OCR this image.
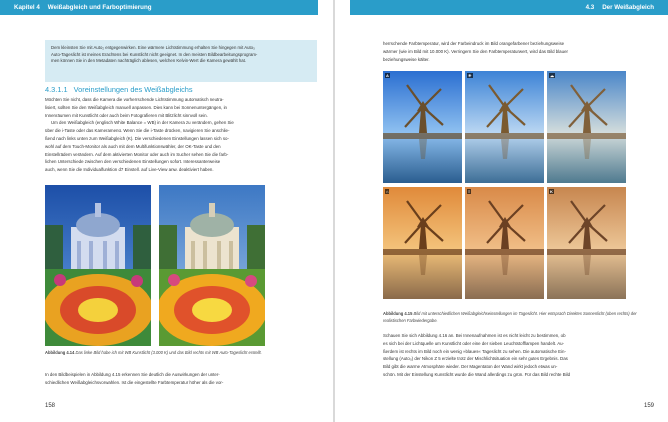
Kapitel 4 Weißabgleich und Farboptimierung

Dem kleinsten Sie mit Auto₂ entgegenwirken. Eine wärmere Lichtstimmung erhalten Sie hingegen mit Auto₃

Auto-Tageslicht ist meines Erachtens bei Kunstlicht nicht geeignet. In den meisten Bildbearbeitungsprogram-

men können Sie in den Metadaten nachträglich ablesen, welchen Kelvin-Wert die Kamera gewählt hat.

4.3.1.1 Voreinstellungen des Weißabgleichs

Möchten Sie nicht, dass die Kamera die vorherrschende Lichtstimmung automatisch neutra-

lisiert, sollten Sie den Weißabgleich manuell anpassen. Dies kann bei Sonnenuntergängen, in

Innenräumen mit Kunstlicht oder auch beim Fotografieren mit Blitzlicht sinnvoll sein.

Um den Weißabgleich (englisch White Balance = WB) in der Kamera zu verändern, gehen Sie

über die i-Taste oder das Kameramenü. Wenn Sie die i-Taste drücken, navigieren Sie anschlie-

ßend nach links unten zum Weißabgleich (K). Die verschiedenen Einstellungen lassen sich so-

wohl auf dem Touch-Monitor als auch mit dem Multifunktionswähler, der OK-Taste und den

Einstellrädern verändern. Auf dem aktivierten Monitor oder auch im Sucher sehen Sie die farb-

lichen Unterschiede zwischen den verschiedenen Einstellungen sofort. Interessanterweise

auch, wenn Sie die Individualfunktion d7 Einstell. auf Live-View anw. deaktiviert haben.

Abbildung 4.14 Das linke Bild habe ich mit WB Kunstlicht (3.000 K) und das Bild rechts mit WB Auto-Tageslicht erstellt.

In den Bildbeispielen in Abbildung 4.15 erkennen Sie deutlich die Auswirkungen der unter-

schiedlichen Weißabgleichsvorwahlen. Ist die eingestellte Farbtemperatur höher als die vor-

158
4.3 Der Weißabgleich

herrschende Farbtemperatur, wird der Farbeindruck im Bild orangefarbener beziehungsweise

wärmer (wie im Bild mit 10.000 K). Verringern Sie den Farbtemperaturwert, wird das Bild blauer

beziehungsweise kälter.

A	☀	☁
⌂	≡	K
Abbildung 4.15 Bild mit unterschiedlichen Weißabgleichseinstellungen im Tageslicht. Hier entsprach Direktes Sonnenlicht (oben rechts) der realistischen Farbwiedergabe.

Schauen Sie sich Abbildung 4.16 an. Bei Innenaufnahmen ist es nicht leicht zu bestimmen, ob

es sich bei der Lichtquelle um Kunstlicht oder eine der sieben Leuchtstofflampen handelt. Au-

ßerdem ist rechts im Bild noch ein wenig »blaues« Tageslicht zu sehen. Die automatische Ein-

stellung (Auto₀) der Nikon Z 5 erzielte trotz der Mischlichtsituation ein sehr gutes Ergebnis. Das

Bild gibt die warme Atmosphäre wieder. Der Magentaton der Wand wirkt jedoch etwas un-

schön. Mit der Einstellung Kunstlicht wurde die Wand allerdings zu grün. Für das Bild rechte Bild

159
